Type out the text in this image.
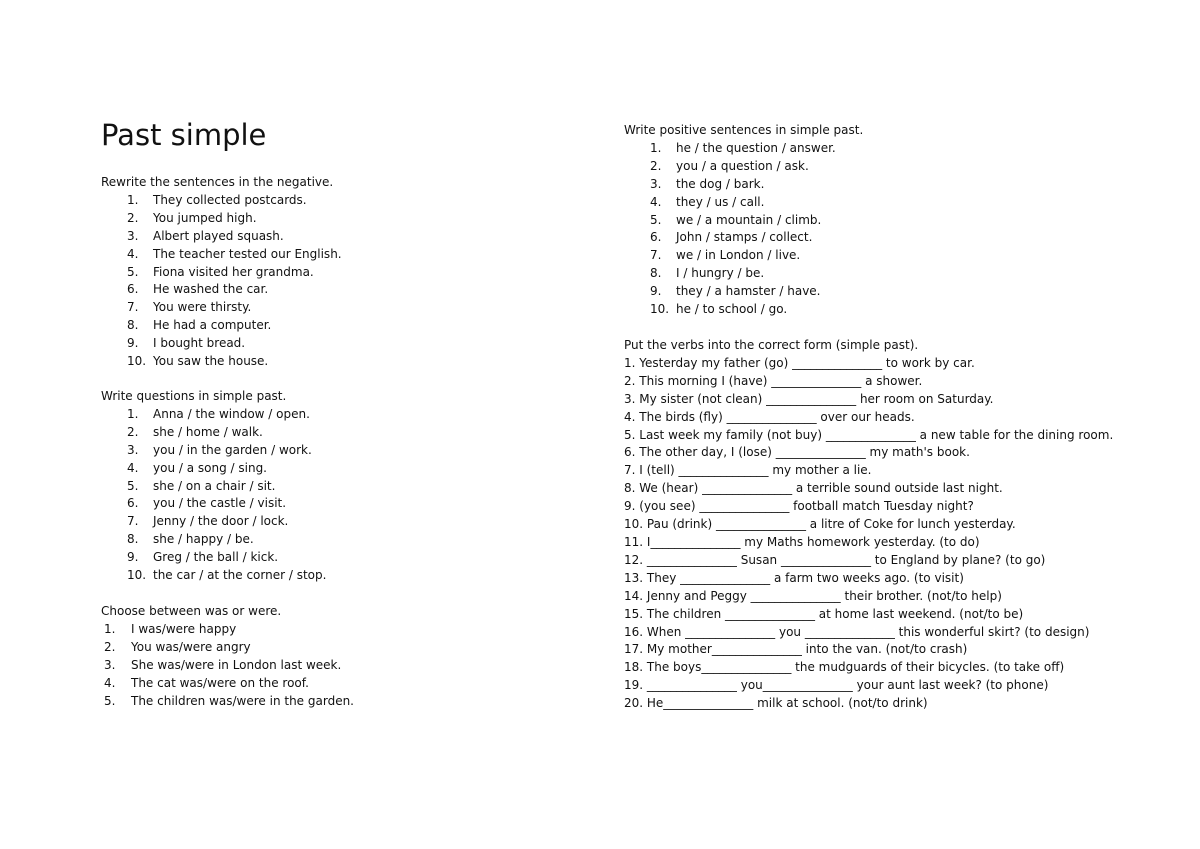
Past simple
Rewrite the sentences in the negative.
1.	They collected postcards.
2.	You jumped high.
3.	Albert played squash.
4.	The teacher tested our English.
5.	Fiona visited her grandma.
6.	He washed the car.
7.	You were thirsty.
8.	He had a computer.
9.	I bought bread.
10. You saw the house.
Write questions in simple past.
1.	Anna / the window / open.
2.	she / home / walk.
3.	you / in the garden / work.
4.	you / a song / sing.
5.	she / on a chair / sit.
6.	you / the castle / visit.
7.	Jenny / the door / lock.
8.	she / happy / be.
9.	Greg / the ball / kick.
10. the car / at the corner / stop.
Choose between was or were.
1.	I was/were happy
2.	You was/were angry
3.	She was/were in London last week.
4.	The cat was/were on the roof.
5.	The children was/were in the garden.
Write positive sentences in simple past.
1.	he / the question / answer.
2.	you / a question / ask.
3.	the dog / bark.
4.	they / us / call.
5.	we / a mountain / climb.
6.	John / stamps / collect.
7.	we / in London / live.
8.	I / hungry / be.
9.	they / a hamster / have.
10. he / to school / go.
Put the verbs into the correct form (simple past).
1. Yesterday my father (go) _______________ to work by car.
2. This morning I (have) _______________ a shower.
3. My sister (not clean) _______________ her room on Saturday.
4. The birds (fly) _______________ over our heads.
5. Last week my family (not buy) _______________ a new table for the dining room.
6. The other day, I (lose) _______________ my math's book.
7. I (tell) _______________ my mother a lie.
8. We (hear) _______________ a terrible sound outside last night.
9. (you see) _______________ football match Tuesday night?
10. Pau (drink) _______________ a litre of Coke for lunch yesterday.
11. I_______________ my Maths homework yesterday. (to do)
12. _______________ Susan _______________ to England by plane? (to go)
13. They _______________ a farm two weeks ago. (to visit)
14. Jenny and Peggy _______________ their brother. (not/to help)
15. The children _______________ at home last weekend. (not/to be)
16. When _______________ you _______________ this wonderful skirt? (to design)
17. My mother_______________ into the van. (not/to crash)
18. The boys_______________ the mudguards of their bicycles. (to take off)
19. _______________ you_______________ your aunt last week? (to phone)
20. He_______________ milk at school. (not/to drink)
